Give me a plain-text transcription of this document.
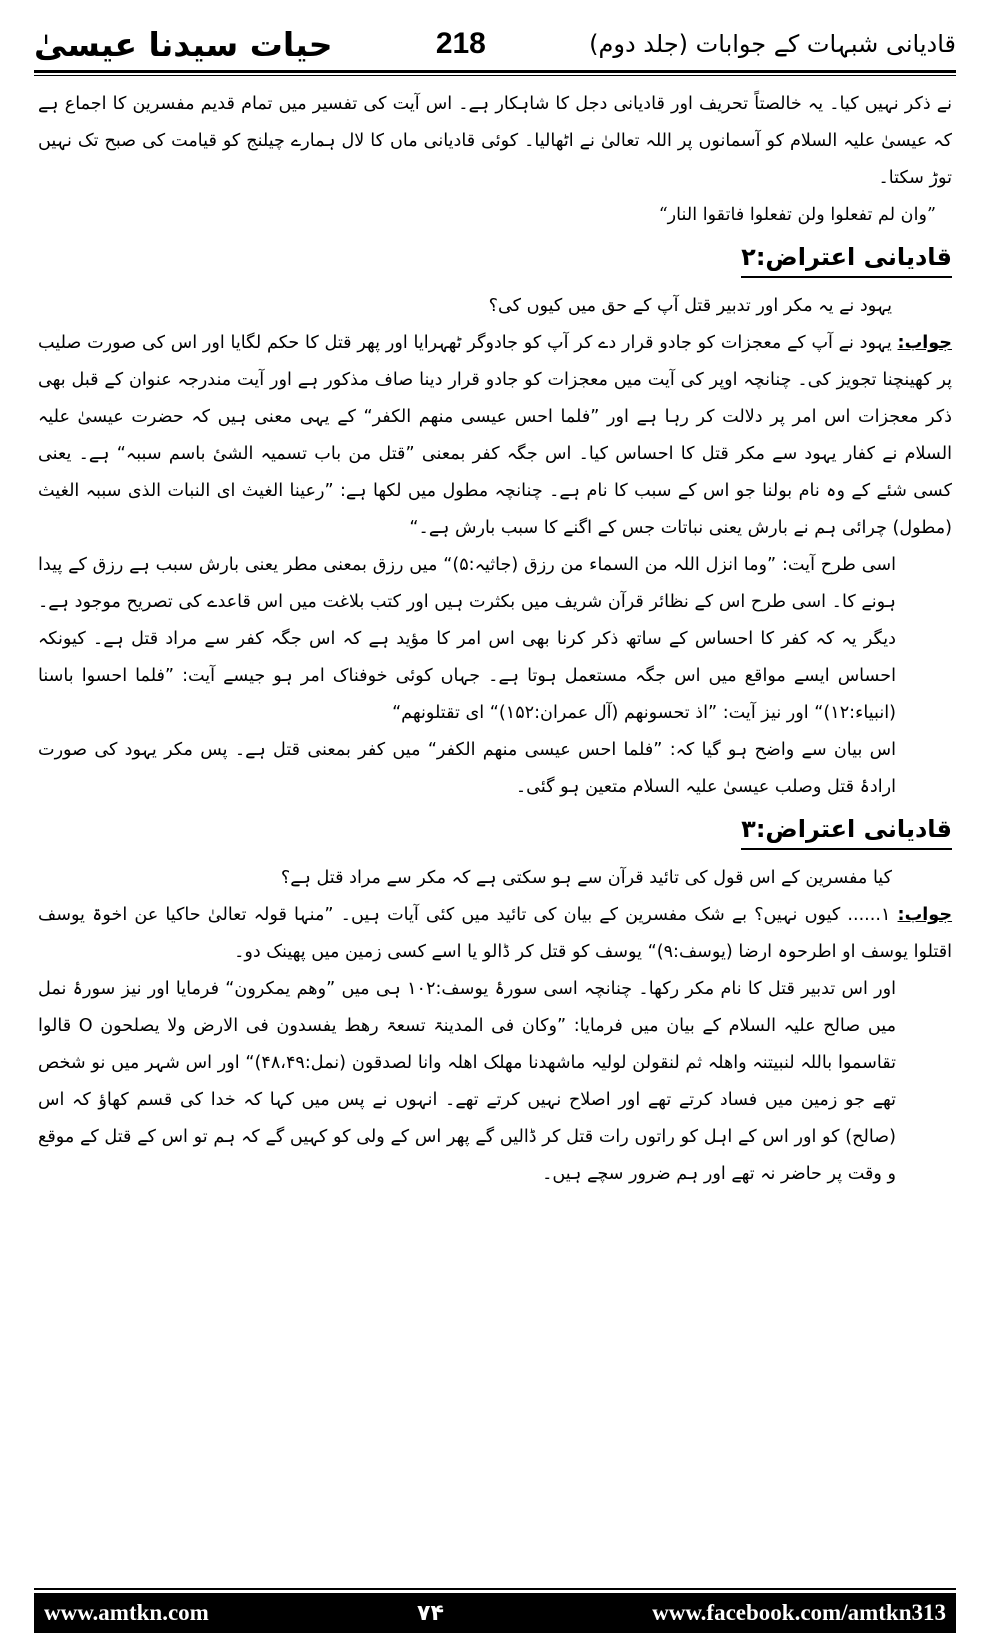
حیات سیدنا عیسیٰ	218	قادیانی شبہات کے جوابات (جلد دوم)

نے ذکر نہیں کیا۔ یہ خالصتاً تحریف اور قادیانی دجل کا شاہکار ہے۔ اس آیت کی تفسیر میں تمام قدیم مفسرین کا اجماع ہے کہ عیسیٰ علیہ السلام کو آسمانوں پر اللہ تعالیٰ نے اٹھالیا۔ کوئی قادیانی ماں کا لال ہمارے چیلنج کو قیامت کی صبح تک نہیں توڑ سکتا۔

”وان لم تفعلوا ولن تفعلوا فاتقوا النار“

قادیانی اعتراض:۲

یہود نے یہ مکر اور تدبیر قتل آپ کے حق میں کیوں کی؟

جواب: یہود نے آپ کے معجزات کو جادو قرار دے کر آپ کو جادوگر ٹھہرایا اور پھر قتل کا حکم لگایا اور اس کی صورت صلیب پر کھینچنا تجویز کی۔ چنانچہ اوپر کی آیت میں معجزات کو جادو قرار دینا صاف مذکور ہے اور آیت مندرجہ عنوان کے قبل بھی ذکر معجزات اس امر پر دلالت کر رہا ہے اور ”فلما احس عیسی منھم الکفر“ کے یہی معنی ہیں کہ حضرت عیسیٰ علیہ السلام نے کفار یہود سے مکر قتل کا احساس کیا۔ اس جگہ کفر بمعنی ”قتل من باب تسمیہ الشیٔ باسم سببہ“ ہے۔ یعنی کسی شئے کے وہ نام بولنا جو اس کے سبب کا نام ہے۔ چنانچہ مطول میں لکھا ہے: ”رعینا الغیث ای النبات الذی سببہ الغیث (مطول) چرائی ہم نے بارش یعنی نباتات جس کے اگنے کا سبب بارش ہے۔“

اسی طرح آیت: ”وما انزل اللہ من السماء من رزق (جاثیہ:۵)“ میں رزق بمعنی مطر یعنی بارش سبب ہے رزق کے پیدا ہونے کا۔ اسی طرح اس کے نظائر قرآن شریف میں بکثرت ہیں اور کتب بلاغت میں اس قاعدے کی تصریح موجود ہے۔ دیگر یہ کہ کفر کا احساس کے ساتھ ذکر کرنا بھی اس امر کا مؤید ہے کہ اس جگہ کفر سے مراد قتل ہے۔ کیونکہ احساس ایسے مواقع میں اس جگہ مستعمل ہوتا ہے۔ جہاں کوئی خوفناک امر ہو جیسے آیت: ”فلما احسوا باسنا (انبیاء:۱۲)“ اور نیز آیت: ”اذ تحسونھم (آل عمران:۱۵۲)“ ای تقتلونھم“

اس بیان سے واضح ہو گیا کہ: ”فلما احس عیسی منھم الکفر“ میں کفر بمعنی قتل ہے۔ پس مکر یہود کی صورت ارادۂ قتل وصلب عیسیٰ علیہ السلام متعین ہو گئی۔

قادیانی اعتراض:۳

کیا مفسرین کے اس قول کی تائید قرآن سے ہو سکتی ہے کہ مکر سے مراد قتل ہے؟

جواب: ۱...... کیوں نہیں؟ بے شک مفسرین کے بیان کی تائید میں کئی آیات ہیں۔ ”منہا قولہ تعالیٰ حاکیا عن اخوۃ یوسف اقتلوا یوسف او اطرحوہ ارضا (یوسف:۹)“ یوسف کو قتل کر ڈالو یا اسے کسی زمین میں پھینک دو۔

اور اس تدبیر قتل کا نام مکر رکھا۔ چنانچہ اسی سورۂ یوسف:۱۰۲ ہی میں ”وھم یمکرون“ فرمایا اور نیز سورۂ نمل میں صالح علیہ السلام کے بیان میں فرمایا: ”وکان فی المدینۃ تسعۃ رھط یفسدون فی الارض ولا یصلحون O قالوا تقاسموا باللہ لنبیتنہ واھلہ ثم لنقولن لولیہ ماشھدنا مھلک اھلہ وانا لصدقون (نمل:۴۸،۴۹)“ اور اس شہر میں نو شخص تھے جو زمین میں فساد کرتے تھے اور اصلاح نہیں کرتے تھے۔ انہوں نے پس میں کہا کہ خدا کی قسم کھاؤ کہ اس (صالح) کو اور اس کے اہل کو راتوں رات قتل کر ڈالیں گے پھر اس کے ولی کو کہیں گے کہ ہم تو اس کے قتل کے موقع و وقت پر حاضر نہ تھے اور ہم ضرور سچے ہیں۔

www.amtkn.com	۷۴	www.facebook.com/amtkn313
